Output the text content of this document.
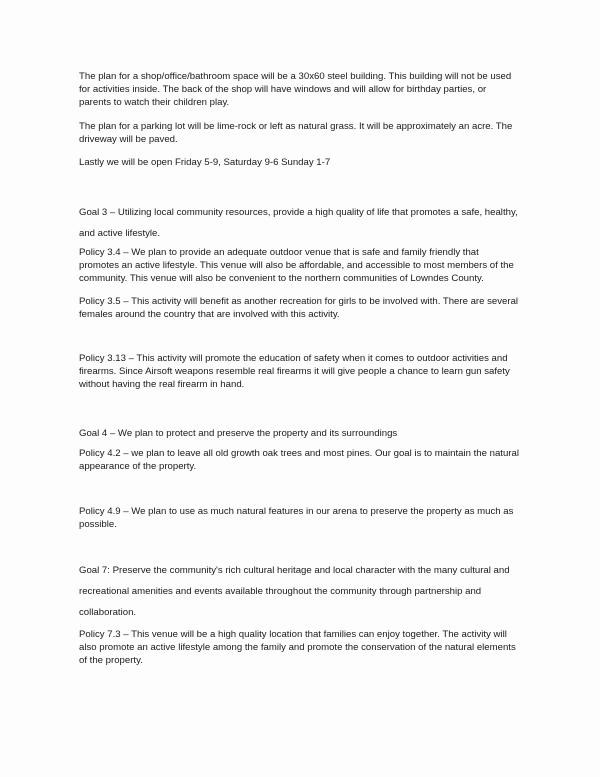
The plan for a shop/office/bathroom space will be a 30x60 steel building. This building will not be used
for activities inside. The back of the shop will have windows and will allow for birthday parties, or
parents to watch their children play.

The plan for a parking lot will be lime-rock or left as natural grass. It will be approximately an acre. The
driveway will be paved.

Lastly we will be open Friday 5-9, Saturday 9-6 Sunday 1-7

Goal 3 – Utilizing local community resources, provide a high quality of life that promotes a safe, healthy,
and active lifestyle.

Policy 3.4 – We plan to provide an adequate outdoor venue that is safe and family friendly that
promotes an active lifestyle. This venue will also be affordable, and accessible to most members of the
community. This venue will also be convenient to the northern communities of Lowndes County.

Policy 3.5 – This activity will benefit as another recreation for girls to be involved with. There are several
females around the country that are involved with this activity.

Policy 3.13 – This activity will promote the education of safety when it comes to outdoor activities and
firearms. Since Airsoft weapons resemble real firearms it will give people a chance to learn gun safety
without having the real firearm in hand.

Goal 4 – We plan to protect and preserve the property and its surroundings

Policy 4.2 – we plan to leave all old growth oak trees and most pines. Our goal is to maintain the natural
appearance of the property.

Policy 4.9 – We plan to use as much natural features in our arena to preserve the property as much as
possible.

Goal 7: Preserve the community's rich cultural heritage and local character with the many cultural and
recreational amenities and events available throughout the community through partnership and
collaboration.

Policy 7.3 – This venue will be a high quality location that families can enjoy together. The activity will
also promote an active lifestyle among the family and promote the conservation of the natural elements
of the property.
